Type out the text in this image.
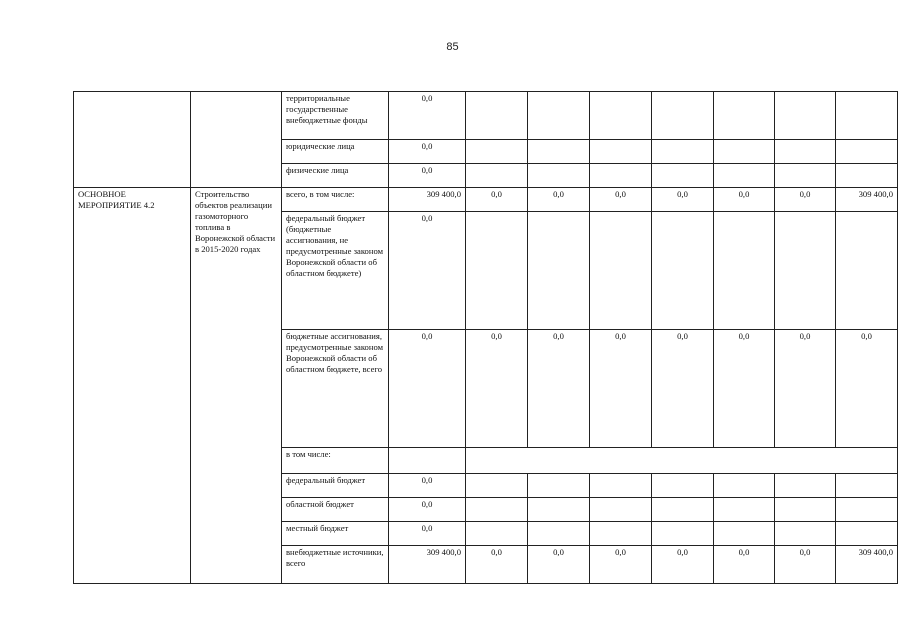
85
		территориальные государственные внебюджетные фонды	0,0							
		юридические лица	0,0							
		физические лица	0,0							
ОСНОВНОЕ МЕРОПРИЯТИЕ 4.2	Строительство объектов реализации газомоторного топлива в Воронежской области в 2015-2020 годах	всего, в том числе:	309 400,0	0,0	0,0	0,0	0,0	0,0	0,0	309 400,0
		федеральный бюджет (бюджетные ассигнования, не предусмотренные законом Воронежской области об областном бюджете)	0,0							
		бюджетные ассигнования, предусмотренные законом Воронежской области об областном бюджете, всего	0,0	0,0	0,0	0,0	0,0	0,0	0,0	0,0
		в том числе:								
		федеральный бюджет	0,0							
		областной бюджет	0,0							
		местный бюджет	0,0							
		внебюджетные источники, всего	309 400,0	0,0	0,0	0,0	0,0	0,0	0,0	309 400,0
